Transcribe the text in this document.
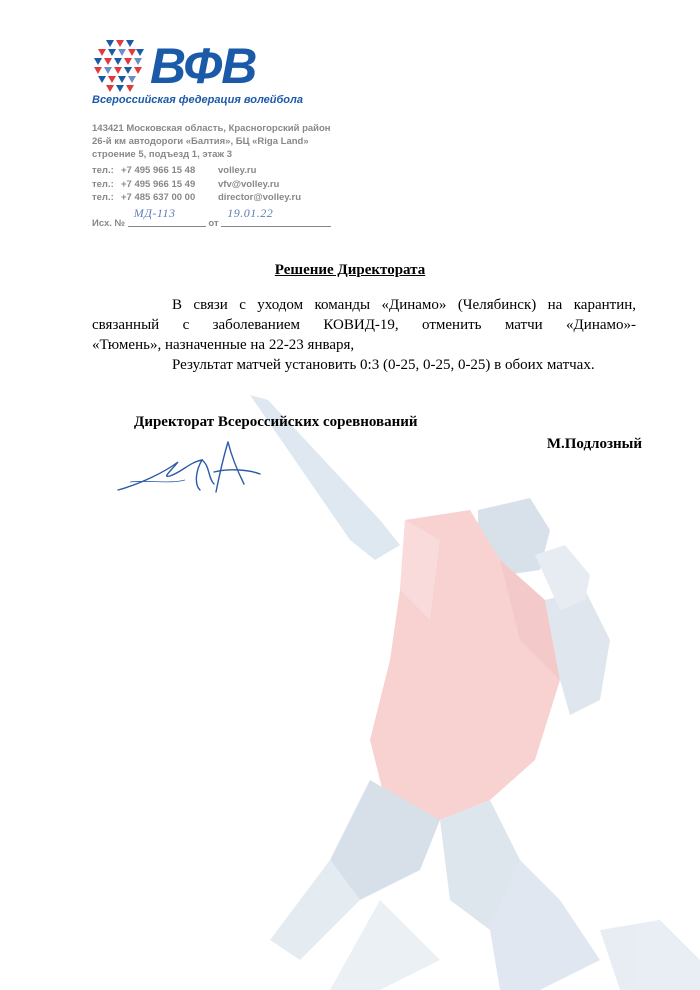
ВФВ
Всероссийская федерация волейбола
143421 Московская область, Красногорский район
26-й км автодороги «Балтия», БЦ «Riga Land»
строение 5, подъезд 1, этаж 3
тел.: +7 495 966 15 48	volley.ru
тел.: +7 495 966 15 49	vfv@volley.ru
тел.: +7 485 637 00 00	director@volley.ru
Исх. №
МД-113
от
19.01.22
Решение Директората
В связи с уходом команды «Динамо» (Челябинск) на карантин,
связанный с заболеванием КОВИД-19, отменить матчи «Динамо»-
«Тюмень», назначенные на 22-23 января,
Результат матчей установить 0:3 (0-25, 0-25, 0-25) в обоих матчах.
Директорат Всероссийских соревнований
М.Подлозный
